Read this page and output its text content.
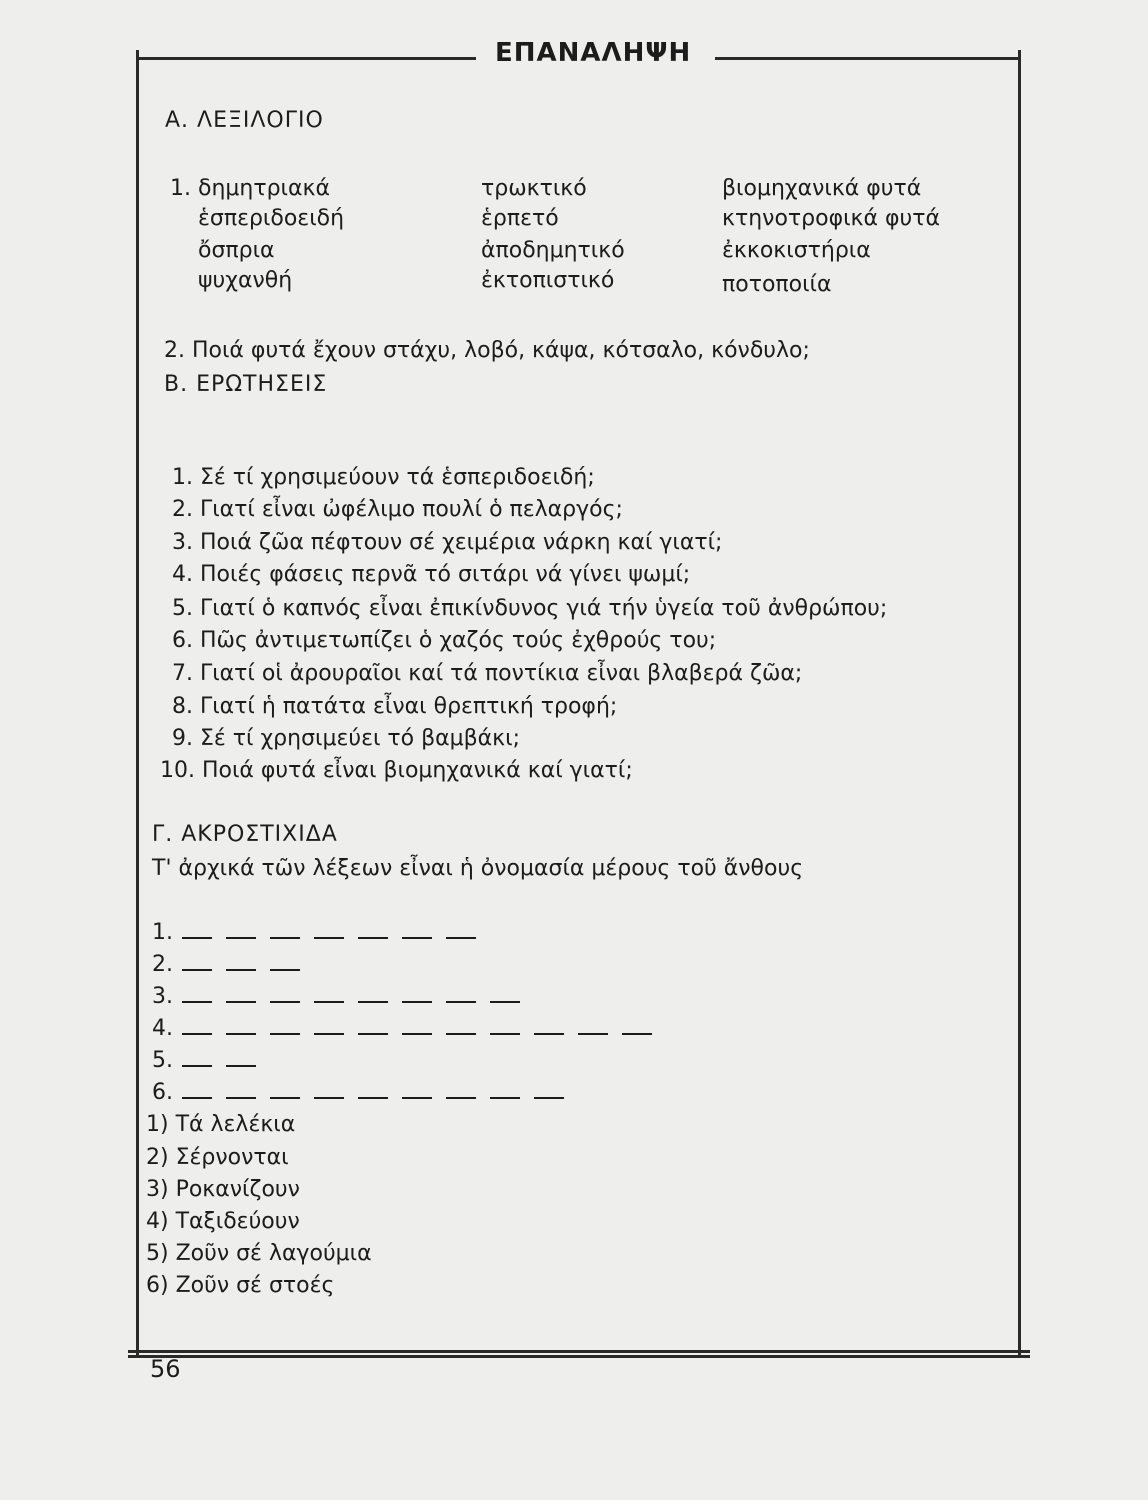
ΕΠΑΝΑΛΗΨΗ
Α. ΛΕΞΙΛΟΓΙΟ
1. δημητριακά
ἑσπεριδοειδή
ὄσπρια
ψυχανθή
τρωκτικό
ἑρπετό
ἀποδημητικό
ἐκτοπιστικό
βιομηχανικά φυτά
κτηνοτροφικά φυτά
ἐκκοκιστήρια
ποτοποιία
2. Ποιά φυτά ἔχουν στάχυ, λοβό, κάψα, κότσαλο, κόνδυλο;
Β. ΕΡΩΤΗΣΕΙΣ
1. Σέ τί χρησιμεύουν τά ἑσπεριδοειδή;
2. Γιατί εἶναι ὠφέλιμο πουλί ὁ πελαργός;
3. Ποιά ζῶα πέφτουν σέ χειμέρια νάρκη καί γιατί;
4. Ποιές φάσεις περνᾶ τό σιτάρι νά γίνει ψωμί;
5. Γιατί ὁ καπνός εἶναι ἐπικίνδυνος γιά τήν ὑγεία τοῦ ἀνθρώπου;
6. Πῶς ἀντιμετωπίζει ὁ χαζός τούς ἐχθρούς του;
7. Γιατί οἱ ἀρουραῖοι καί τά ποντίκια εἶναι βλαβερά ζῶα;
8. Γιατί ἡ πατάτα εἶναι θρεπτική τροφή;
9. Σέ τί χρησιμεύει τό βαμβάκι;
10. Ποιά φυτά εἶναι βιομηχανικά καί γιατί;
Γ. ΑΚΡΟΣΤΙΧΙΔΑ
Τ' ἀρχικά τῶν λέξεων εἶναι ἡ ὀνομασία μέρους τοῦ ἄνθους
1.
2.
3.
4.
5.
6.
1) Τά λελέκια
2) Σέρνονται
3) Ροκανίζουν
4) Ταξιδεύουν
5) Ζοῦν σέ λαγούμια
6) Ζοῦν σέ στοές
56
